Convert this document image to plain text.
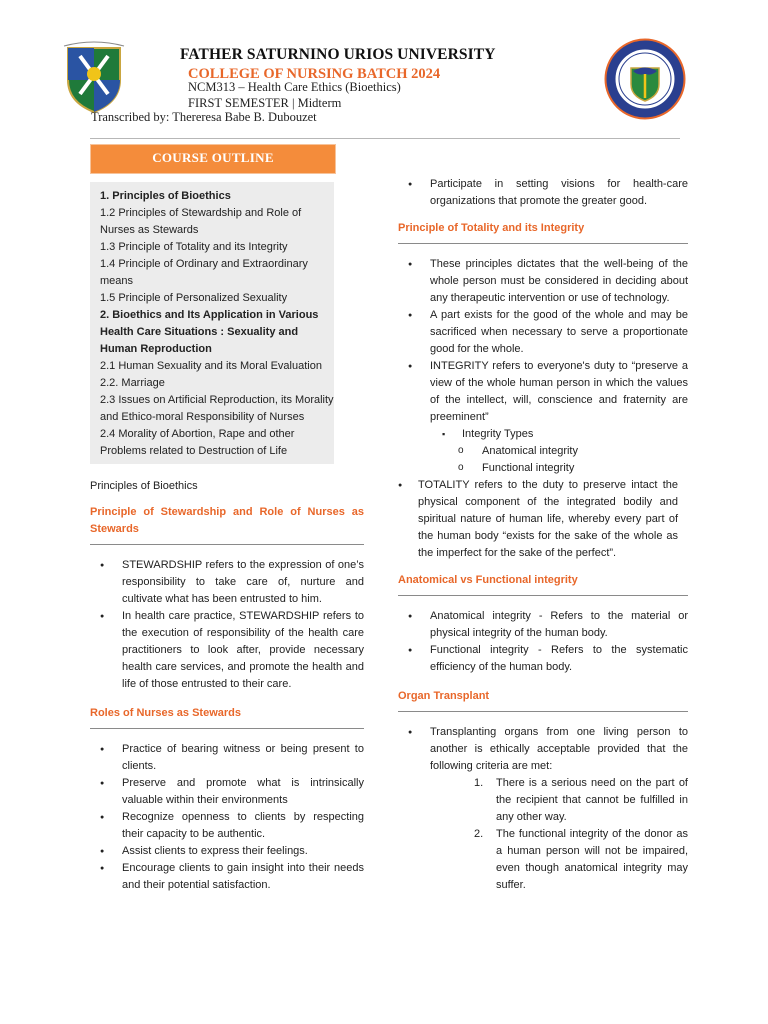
FATHER SATURNINO URIOS UNIVERSITY
COLLEGE OF NURSING BATCH 2024
NCM313 – Health Care Ethics (Bioethics)
FIRST SEMESTER | Midterm
Transcribed by: Thereresa Babe B. Dubouzet
COURSE OUTLINE
1. Principles of Bioethics
1.2 Principles of Stewardship and Role of Nurses as Stewards
1.3 Principle of Totality and its Integrity
1.4 Principle of Ordinary and Extraordinary means
1.5 Principle of Personalized Sexuality
2. Bioethics and Its Application in Various Health Care Situations : Sexuality and Human Reproduction
2.1 Human Sexuality and its Moral Evaluation
2.2. Marriage
2.3 Issues on Artificial Reproduction, its Morality and Ethico-moral Responsibility of Nurses
2.4 Morality of Abortion, Rape and other Problems related to Destruction of Life
Principles of Bioethics
Principle of Stewardship and Role of Nurses as Stewards
● STEWARDSHIP refers to the expression of one’s responsibility to take care of, nurture and cultivate what has been entrusted to him.
● In health care practice, STEWARDSHIP refers to the execution of responsibility of the health care practitioners to look after, provide necessary health care services, and promote the health and life of those entrusted to their care.
Roles of Nurses as Stewards
● Practice of bearing witness or being present to clients.
● Preserve and promote what is intrinsically valuable within their environments
● Recognize openness to clients by respecting their capacity to be authentic.
● Assist clients to express their feelings.
● Encourage clients to gain insight into their needs and their potential satisfaction.
● Participate in setting visions for health-care organizations that promote the greater good.
Principle of Totality and its Integrity
● These principles dictates that the well-being of the whole person must be considered in deciding about any therapeutic intervention or use of technology.
● A part exists for the good of the whole and may be sacrificed when necessary to serve a proportionate good for the whole.
● INTEGRITY refers to everyone's duty to “preserve a view of the whole human person in which the values of the intellect, will, conscience and fraternity are preeminent”
▪ Integrity Types
o Anatomical integrity
o Functional integrity
● TOTALITY refers to the duty to preserve intact the physical component of the integrated bodily and spiritual nature of human life, whereby every part of the human body “exists for the sake of the whole as the imperfect for the sake of the perfect”.
Anatomical vs Functional integrity
● Anatomical integrity - Refers to the material or physical integrity of the human body.
● Functional integrity - Refers to the systematic efficiency of the human body.
Organ Transplant
● Transplanting organs from one living person to another is ethically acceptable provided that the following criteria are met:
1. There is a serious need on the part of the recipient that cannot be fulfilled in any other way.
2. The functional integrity of the donor as a human person will not be impaired, even though anatomical integrity may suffer.
